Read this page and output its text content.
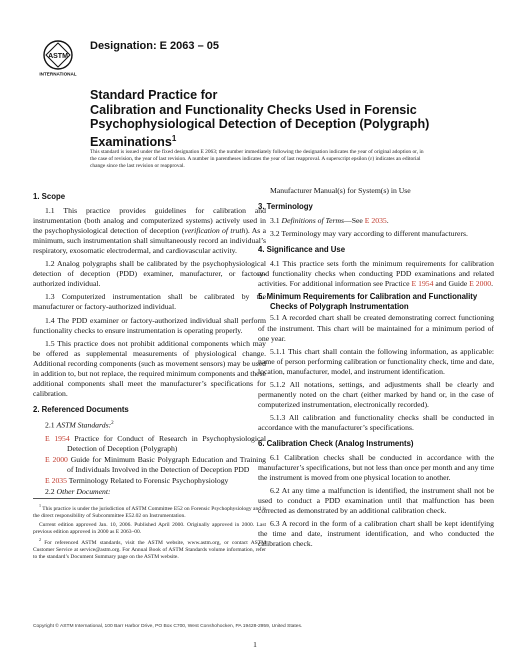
ASTM
INTERNATIONAL
Designation: E 2063 – 05
Standard Practice for
Calibration and Functionality Checks Used in Forensic
Psychophysiological Detection of Deception (Polygraph)
Examinations$^1$
This standard is issued under the fixed designation E 2063; the number immediately following the designation indicates the year of original adoption or, in the case of revision, the year of last revision. A number in parentheses indicates the year of last reapproval. A superscript epsilon (ε) indicates an editorial change since the last revision or reapproval.
1. Scope

1.1 This practice provides guidelines for calibration and instrumentation (both analog and computerized systems) actively used in the psychophysiological detection of deception (verification of truth). As a minimum, such instrumentation shall simultaneously record an individual’s respiratory, exosomatic electrodermal, and cardiovascular activity.

1.2 Analog polygraphs shall be calibrated by the psychophysiological detection of deception (PDD) examiner, manufacturer, or factory-authorized individual.

1.3 Computerized instrumentation shall be calibrated by the manufacturer or factory-authorized individual.

1.4 The PDD examiner or factory-authorized individual shall perform functionality checks to ensure instrumentation is operating properly.

1.5 This practice does not prohibit additional components which may be offered as supplemental measurements of physiological change. Additional recording components (such as movement sensors) may be used in addition to, but not replace, the required minimum components and these additional components shall meet the manufacturer’s specifications for calibration.

2. Referenced Documents

2.1 ASTM Standards:$^2$

E 1954 Practice for Conduct of Research in Psychophysiological Detection of Deception (Polygraph)

E 2000 Guide for Minimum Basic Polygraph Education and Training of Individuals Involved in the Detection of Deception PDD

E 2035 Terminology Related to Forensic Psychophysiology

2.2 Other Document:

Manufacturer Manual(s) for System(s) in Use

3. Terminology

3.1 Definitions of Terms—See E 2035.

3.2 Terminology may vary according to different manufacturers.

4. Significance and Use

4.1 This practice sets forth the minimum requirements for calibration and functionality checks when conducting PDD examinations and related activities. For additional information see Practice E 1954 and Guide E 2000.

5. Minimum Requirements for Calibration and Functionality Checks of Polygraph Instrumentation

5.1 A recorded chart shall be created demonstrating correct functioning of the instrument. This chart will be maintained for a minimum period of one year.

5.1.1 This chart shall contain the following information, as applicable: name of person performing calibration or functionality check, time and date, location, manufacturer, model, and instrument identification.

5.1.2 All notations, settings, and adjustments shall be clearly and permanently noted on the chart (either marked by hand or, in the case of computerized instrumentation, electronically recorded).

5.1.3 All calibration and functionality checks shall be conducted in accordance with the manufacturer’s specifications.

6. Calibration Check (Analog Instruments)

6.1 Calibration checks shall be conducted in accordance with the manufacturer’s specifications, but not less than once per month and any time the instrument is moved from one physical location to another.

6.2 At any time a malfunction is identified, the instrument shall not be used to conduct a PDD examination until that malfunction has been corrected as demonstrated by an additional calibration check.

6.3 A record in the form of a calibration chart shall be kept identifying the time and date, instrument identification, and who conducted the calibration check.

$^1$ This practice is under the jurisdiction of ASTM Committee E52 on Forensic Psychophysiology and is the direct responsibility of Subcommittee E52.02 on Instrumentation.

Current edition approved Jan. 10, 2006. Published April 2000. Originally approved in 2000. Last previous edition approved in 2000 as E 2063–00.

$^2$ For referenced ASTM standards, visit the ASTM website, www.astm.org, or contact ASTM Customer Service at service@astm.org. For Annual Book of ASTM Standards volume information, refer to the standard’s Document Summary page on the ASTM website.

Copyright © ASTM International, 100 Barr Harbor Drive, PO Box C700, West Conshohocken, PA 19428-2959, United States.
1
